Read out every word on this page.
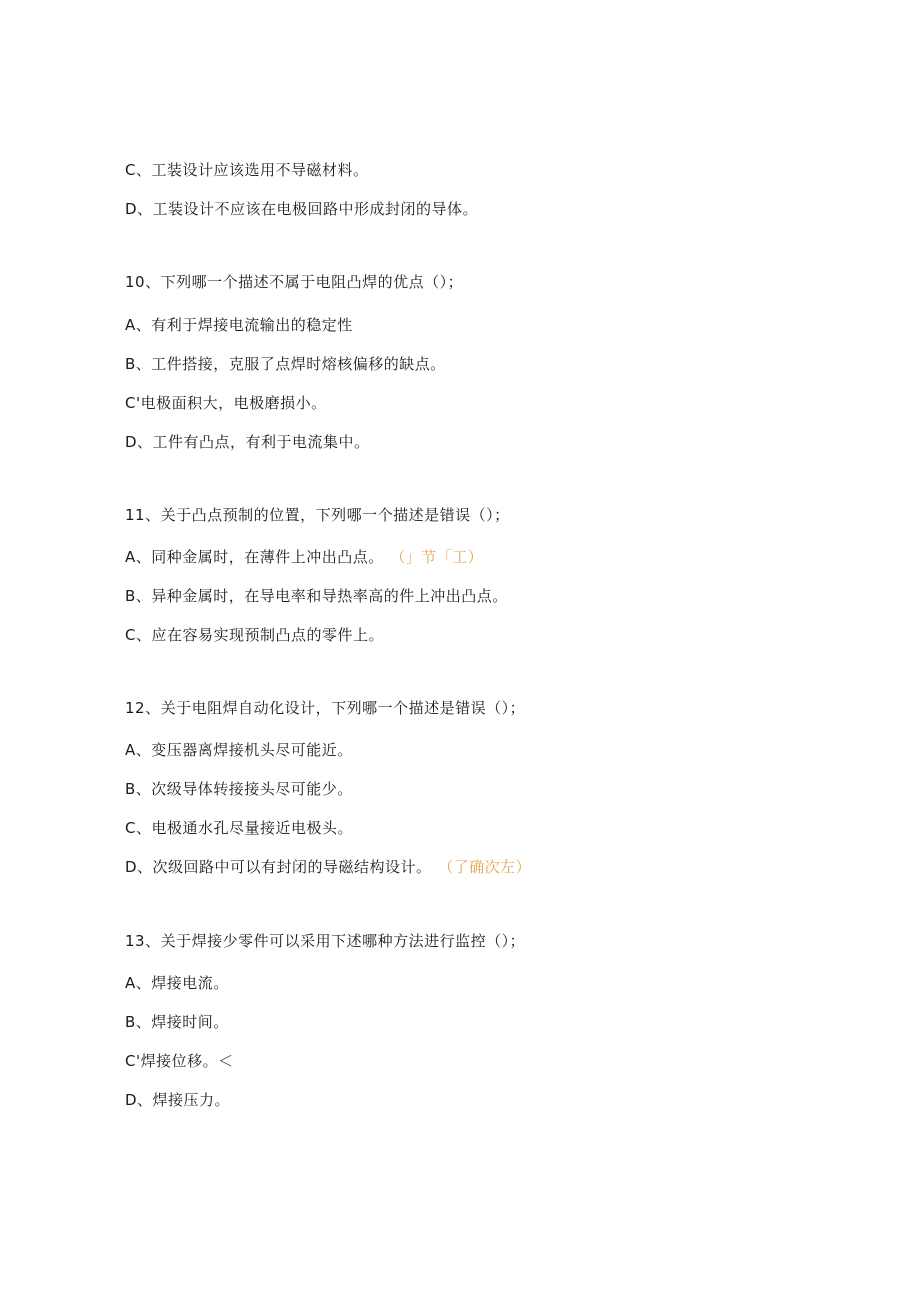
C、工装设计应该选用不导磁材料。
D、工装设计不应该在电极回路中形成封闭的导体。
10、下列哪一个描述不属于电阻凸焊的优点（）；
A、有利于焊接电流输出的稳定性
B、工件搭接，克服了点焊时熔核偏移的缺点。
C'电极面积大，电极磨损小。
D、工件有凸点，有利于电流集中。
11、关于凸点预制的位置，下列哪一个描述是错误（）；
A、同种金属时，在薄件上冲出凸点。 （」节「工）
B、异种金属时，在导电率和导热率高的件上冲出凸点。
C、应在容易实现预制凸点的零件上。
12、关于电阻焊自动化设计，下列哪一个描述是错误（）；
A、变压器离焊接机头尽可能近。
B、次级导体转接接头尽可能少。
C、电极通水孔尽量接近电极头。
D、次级回路中可以有封闭的导磁结构设计。 （了确次左）
13、关于焊接少零件可以采用下述哪种方法进行监控（）；
A、焊接电流。
B、焊接时间。
C'焊接位移。＜
D、焊接压力。
